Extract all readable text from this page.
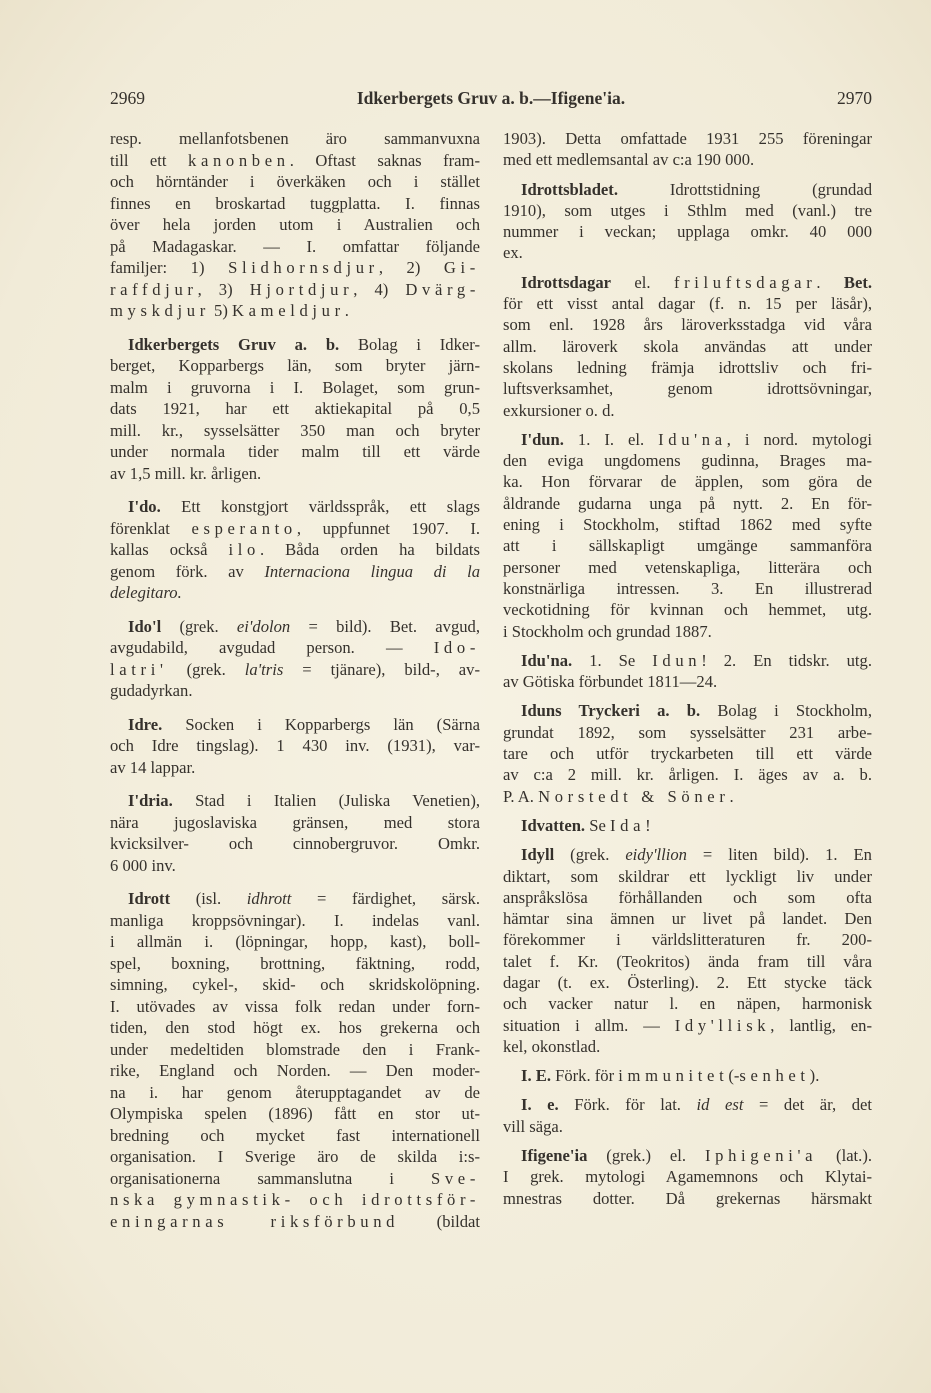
2969	Idkerbergets Gruv a. b.—Ifigene'ia.	2970
resp. mellanfotsbenen äro sammanvuxna
till ett kanonben. Oftast saknas fram-
och hörntänder i överkäken och i stället
finnes en broskartad tuggplatta. I. finnas
över hela jorden utom i Australien och
på Madagaskar. — I. omfattar följande
familjer: 1) Slidhornsdjur, 2) Gi-
raffdjur, 3) Hjortdjur, 4) Dvärg-
myskdjur 5) Kameldjur.
Idkerbergets Gruv a. b. Bolag i Idker-
berget, Kopparbergs län, som bryter järn-
malm i gruvorna i I. Bolaget, som grun-
dats 1921, har ett aktiekapital på 0,5
mill. kr., sysselsätter 350 man och bryter
under normala tider malm till ett värde
av 1,5 mill. kr. årligen.
I'do. Ett konstgjort världsspråk, ett slags
förenklat esperanto, uppfunnet 1907. I.
kallas också ilo. Båda orden ha bildats
genom förk. av Internaciona lingua di la
delegitaro.
Ido'l (grek. ei'dolon = bild). Bet. avgud,
avgudabild, avgudad person. — Ido-
latri' (grek. la'tris = tjänare), bild-, av-
gudadyrkan.
Idre. Socken i Kopparbergs län (Särna
och Idre tingslag). 1 430 inv. (1931), var-
av 14 lappar.
I'dria. Stad i Italien (Juliska Venetien),
nära jugoslaviska gränsen, med stora
kvicksilver- och cinnobergruvor. Omkr.
6 000 inv.
Idrott (isl. idhrott = färdighet, särsk.
manliga kroppsövningar). I. indelas vanl.
i allmän i. (löpningar, hopp, kast), boll-
spel, boxning, brottning, fäktning, rodd,
simning, cykel-, skid- och skridskolöpning.
I. utövades av vissa folk redan under forn-
tiden, den stod högt ex. hos grekerna och
under medeltiden blomstrade den i Frank-
rike, England och Norden. — Den moder-
na i. har genom återupptagandet av de
Olympiska spelen (1896) fått en stor ut-
bredning och mycket fast internationell
organisation. I Sverige äro de skilda i:s-
organisationerna sammanslutna i Sve-
nska gymnastik- och idrottsför-
eningarnas riksförbund (bildat
1903). Detta omfattade 1931 255 föreningar
med ett medlemsantal av c:a 190 000.
Idrottsbladet. Idrottstidning (grundad
1910), som utges i Sthlm med (vanl.) tre
nummer i veckan; upplaga omkr. 40 000
ex.
Idrottsdagar el. friluftsdagar. Bet.
för ett visst antal dagar (f. n. 15 per läsår),
som enl. 1928 års läroverksstadga vid våra
allm. läroverk skola användas att under
skolans ledning främja idrottsliv och fri-
luftsverksamhet, genom idrottsövningar,
exkursioner o. d.
I'dun. 1. I. el. Idu'na, i nord. mytologi
den eviga ungdomens gudinna, Brages ma-
ka. Hon förvarar de äpplen, som göra de
åldrande gudarna unga på nytt. 2. En för-
ening i Stockholm, stiftad 1862 med syfte
att i sällskapligt umgänge sammanföra
personer med vetenskapliga, litterära och
konstnärliga intressen. 3. En illustrerad
veckotidning för kvinnan och hemmet, utg.
i Stockholm och grundad 1887.
Idu'na. 1. Se Idun! 2. En tidskr. utg.
av Götiska förbundet 1811—24.
Iduns Tryckeri a. b. Bolag i Stockholm,
grundat 1892, som sysselsätter 231 arbe-
tare och utför tryckarbeten till ett värde
av c:a 2 mill. kr. årligen. I. äges av a. b.
P. A. Norstedt & Söner.
Idvatten. Se Ida!
Idyll (grek. eidy'llion = liten bild). 1. En
diktart, som skildrar ett lyckligt liv under
anspråkslösa förhållanden och som ofta
hämtar sina ämnen ur livet på landet. Den
förekommer i världslitteraturen fr. 200-
talet f. Kr. (Teokritos) ända fram till våra
dagar (t. ex. Österling). 2. Ett stycke täck
och vacker natur l. en näpen, harmonisk
situation i allm. — Idy'llisk, lantlig, en-
kel, okonstlad.
I. E. Förk. för immunitet(-senhet).
I. e. Förk. för lat. id est = det är, det
vill säga.
Ifigene'ia (grek.) el. Iphigeni'a (lat.).
I grek. mytologi Agamemnons och Klytai-
mnestras dotter. Då grekernas härsmakt
